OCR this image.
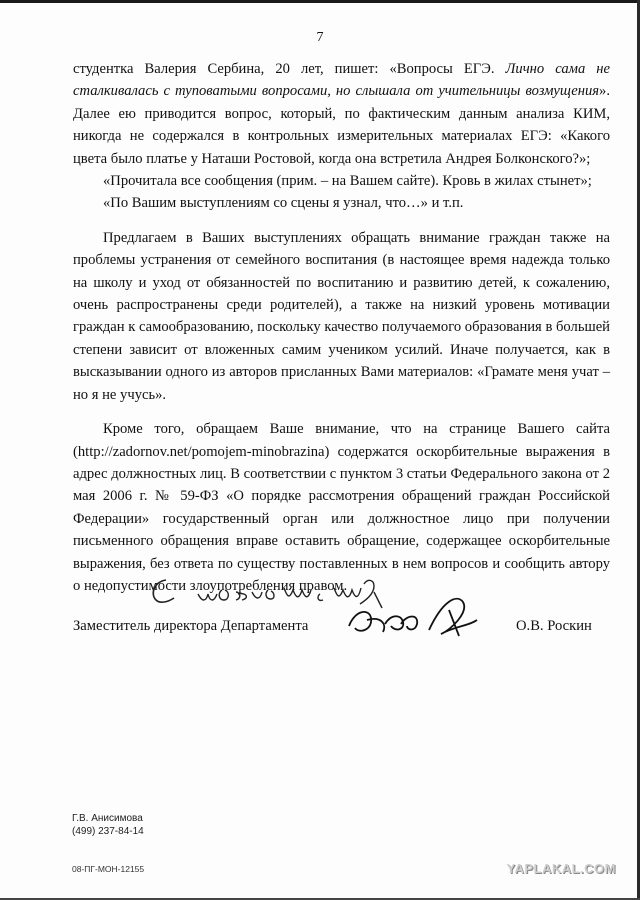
7

студентка Валерия Сербина, 20 лет, пишет: «Вопросы ЕГЭ. Лично сама не сталкивалась с туповатыми вопросами, но слышала от учительницы возмущения». Далее ею приводится вопрос, который, по фактическим данным анализа КИМ, никогда не содержался в контрольных измерительных материалах ЕГЭ: «Какого цвета было платье у Наташи Ростовой, когда она встретила Андрея Болконского?»;

«Прочитала все сообщения (прим. – на Вашем сайте). Кровь в жилах стынет»;

«По Вашим выступлениям со сцены я узнал, что…» и т.п.

Предлагаем в Ваших выступлениях обращать внимание граждан также на проблемы устранения от семейного воспитания (в настоящее время надежда только на школу и уход от обязанностей по воспитанию и развитию детей, к сожалению, очень распространены среди родителей), а также на низкий уровень мотивации граждан к самообразованию, поскольку качество получаемого образования в большей степени зависит от вложенных самим учеником усилий. Иначе получается, как в высказывании одного из авторов присланных Вами материалов: «Грамате меня учат – но я не учусь».

Кроме того, обращаем Ваше внимание, что на странице Вашего сайта (http://zadornov.net/pomojem-minobrazina) содержатся оскорбительные выражения в адрес должностных лиц. В соответствии с пунктом 3 статьи Федерального закона от 2 мая 2006 г. № 59-ФЗ «О порядке рассмотрения обращений граждан Российской Федерации» государственный орган или должностное лицо при получении письменного обращения вправе оставить обращение, содержащее оскорбительные выражения, без ответа по существу поставленных в нем вопросов и сообщить автору о недопустимости злоупотребления правом.

Заместитель директора Департамента	О.В. Роскин
Г.В. Анисимова
(499) 237-84-14
08-ПГ-МОН-12155	YAPLAKAL.COM
